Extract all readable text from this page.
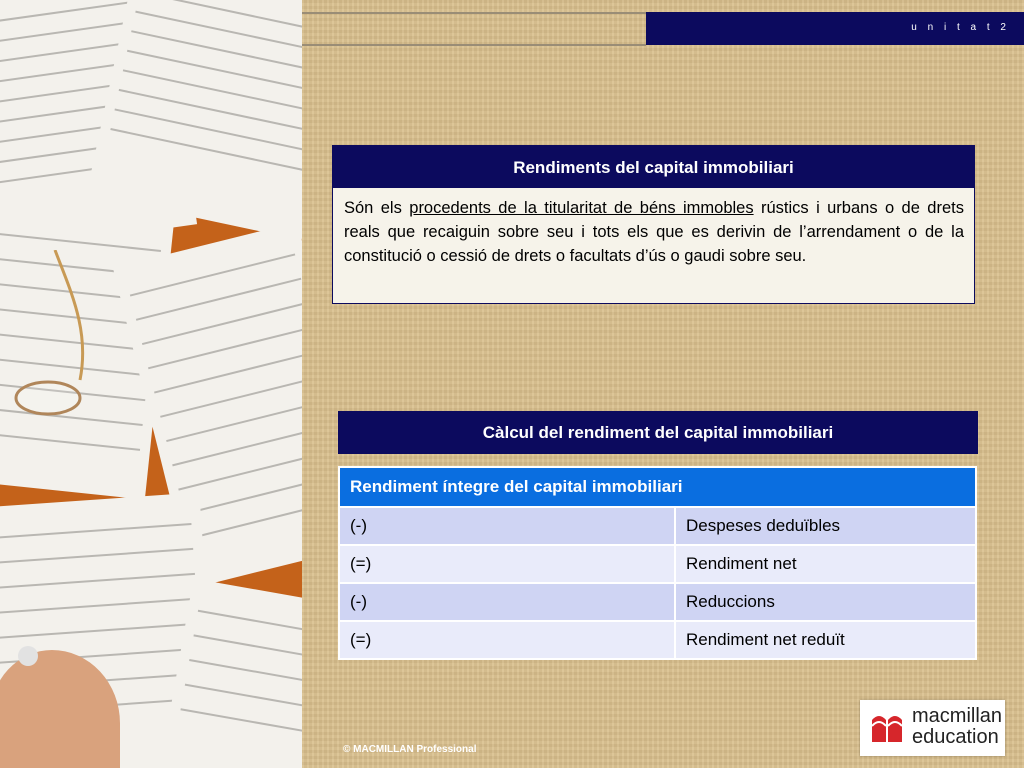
u n i t a t 2
Rendiments del capital immobiliari
Són els procedents de la titularitat de béns immobles rústics i urbans o de drets reals que recaiguin sobre seu i tots els que es derivin de l’arrendament o de la constitució o cessió de drets o facultats d’ús o gaudi sobre seu.
Càlcul del rendiment del capital immobiliari
Rendiment íntegre del capital immobiliari	
(-)	Despeses deduïbles
(=)	Rendiment net
(-)	Reduccions
(=)	Rendiment net reduït
© MACMILLAN Professional
macmillan
education
